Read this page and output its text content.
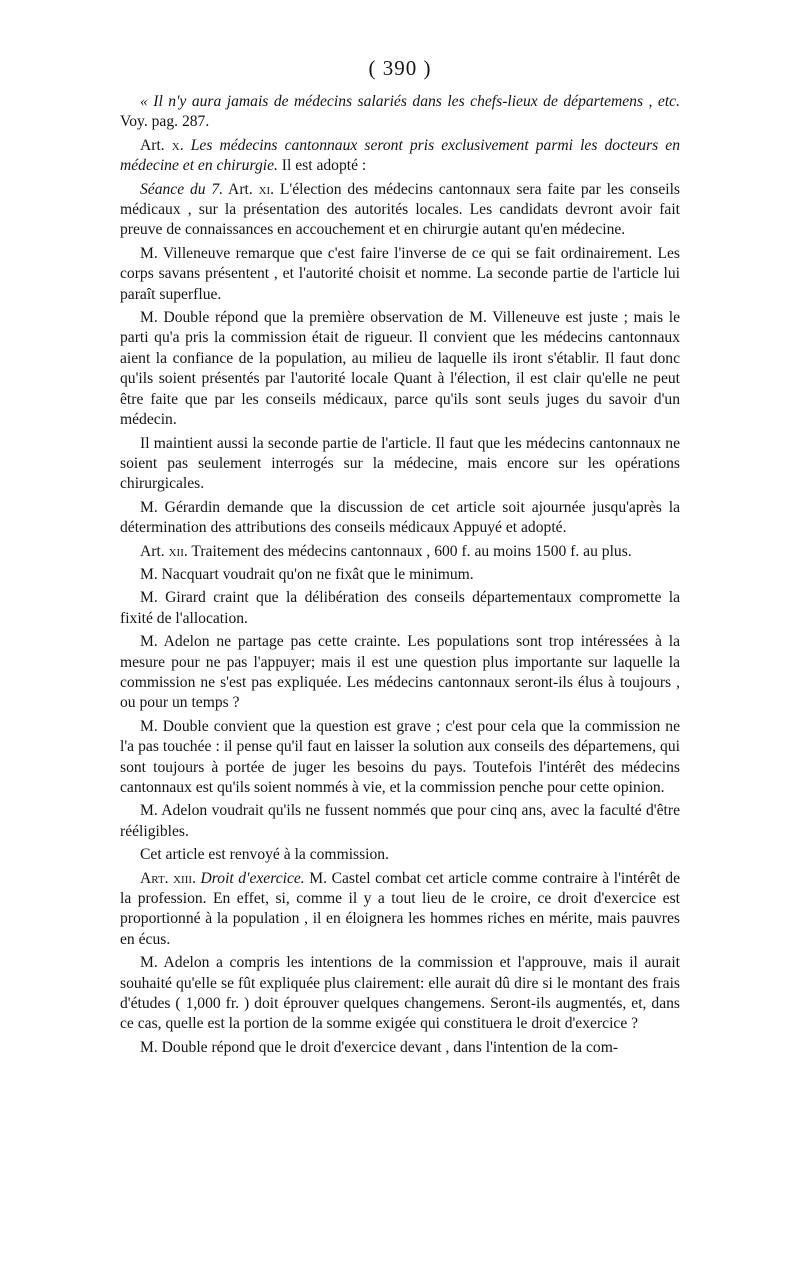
( 390 )

« Il n'y aura jamais de médecins salariés dans les chefs-lieux de départemens , etc. Voy. pag. 287.

Art. x. Les médecins cantonnaux seront pris exclusivement parmi les docteurs en médecine et en chirurgie. Il est adopté :

Séance du 7. Art. xi. L'élection des médecins cantonnaux sera faite par les conseils médicaux , sur la présentation des autorités locales. Les candidats devront avoir fait preuve de connaissances en accouchement et en chirurgie autant qu'en médecine.

M. Villeneuve remarque que c'est faire l'inverse de ce qui se fait ordinairement. Les corps savans présentent , et l'autorité choisit et nomme. La seconde partie de l'article lui paraît superflue.

M. Double répond que la première observation de M. Villeneuve est juste ; mais le parti qu'a pris la commission était de rigueur. Il convient que les médecins cantonnaux aient la confiance de la population, au milieu de laquelle ils iront s'établir. Il faut donc qu'ils soient présentés par l'autorité locale Quant à l'élection, il est clair qu'elle ne peut être faite que par les conseils médicaux, parce qu'ils sont seuls juges du savoir d'un médecin.

Il maintient aussi la seconde partie de l'article. Il faut que les médecins cantonnaux ne soient pas seulement interrogés sur la médecine, mais encore sur les opérations chirurgicales.

M. Gérardin demande que la discussion de cet article soit ajournée jusqu'après la détermination des attributions des conseils médicaux Appuyé et adopté.

Art. xii. Traitement des médecins cantonnaux , 600 f. au moins 1500 f. au plus.

M. Nacquart voudrait qu'on ne fixât que le minimum.

M. Girard craint que la délibération des conseils départementaux compromette la fixité de l'allocation.

M. Adelon ne partage pas cette crainte. Les populations sont trop intéressées à la mesure pour ne pas l'appuyer; mais il est une question plus importante sur laquelle la commission ne s'est pas expliquée. Les médecins cantonnaux seront-ils élus à toujours , ou pour un temps ?

M. Double convient que la question est grave ; c'est pour cela que la commission ne l'a pas touchée : il pense qu'il faut en laisser la solution aux conseils des départemens, qui sont toujours à portée de juger les besoins du pays. Toutefois l'intérêt des médecins cantonnaux est qu'ils soient nommés à vie, et la commission penche pour cette opinion.

M. Adelon voudrait qu'ils ne fussent nommés que pour cinq ans, avec la faculté d'être rééligibles.

Cet article est renvoyé à la commission.

Art. xiii. Droit d'exercice. M. Castel combat cet article comme contraire à l'intérêt de la profession. En effet, si, comme il y a tout lieu de le croire, ce droit d'exercice est proportionné à la population , il en éloignera les hommes riches en mérite, mais pauvres en écus.

M. Adelon a compris les intentions de la commission et l'approuve, mais il aurait souhaité qu'elle se fût expliquée plus clairement: elle aurait dû dire si le montant des frais d'études ( 1,000 fr. ) doit éprouver quelques changemens. Seront-ils augmentés, et, dans ce cas, quelle est la portion de la somme exigée qui constituera le droit d'exercice ?

M. Double répond que le droit d'exercice devant , dans l'intention de la com-
